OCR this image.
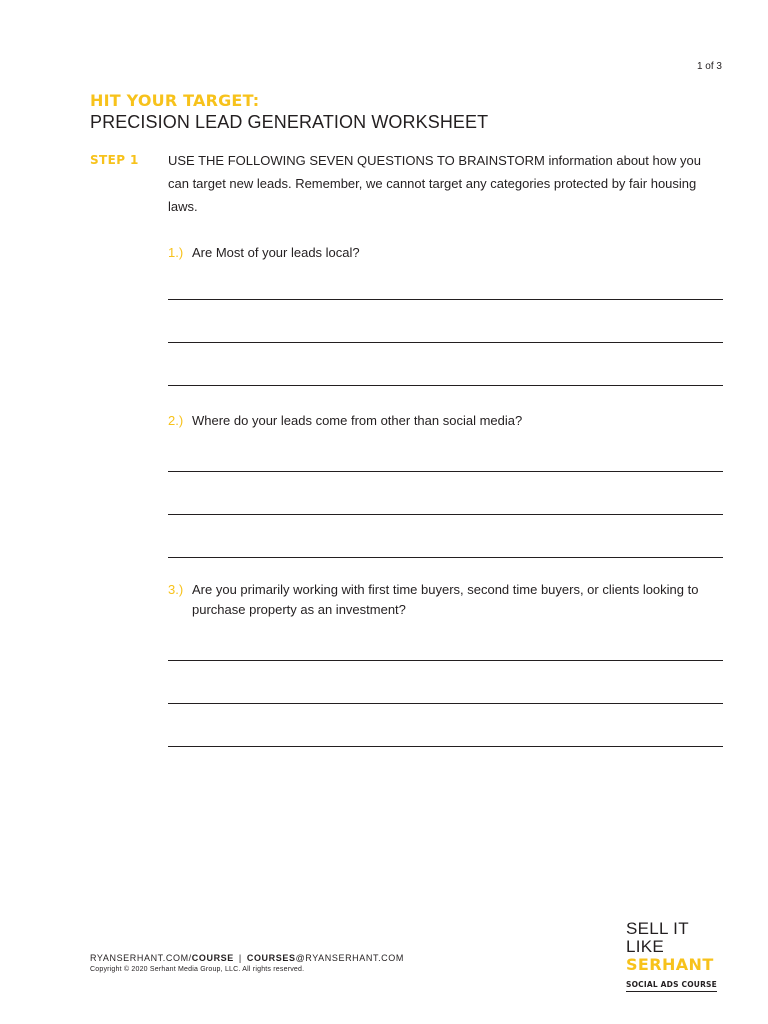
1 of 3
HIT YOUR TARGET:
PRECISION LEAD GENERATION WORKSHEET
STEP 1 USE THE FOLLOWING SEVEN QUESTIONS TO BRAINSTORM information about how you can target new leads. Remember, we cannot target any categories protected by fair housing laws.
1.) Are Most of your leads local?
2.) Where do your leads come from other than social media?
3.) Are you primarily working with first time buyers, second time buyers, or clients looking to purchase property as an investment?
RYANSERHANT.COM/COURSE | COURSES@RYANSERHANT.COM
Copyright © 2020 Serhant Media Group, LLC. All rights reserved.
SELL IT LIKE
SERHANT
SOCIAL ADS COURSE
